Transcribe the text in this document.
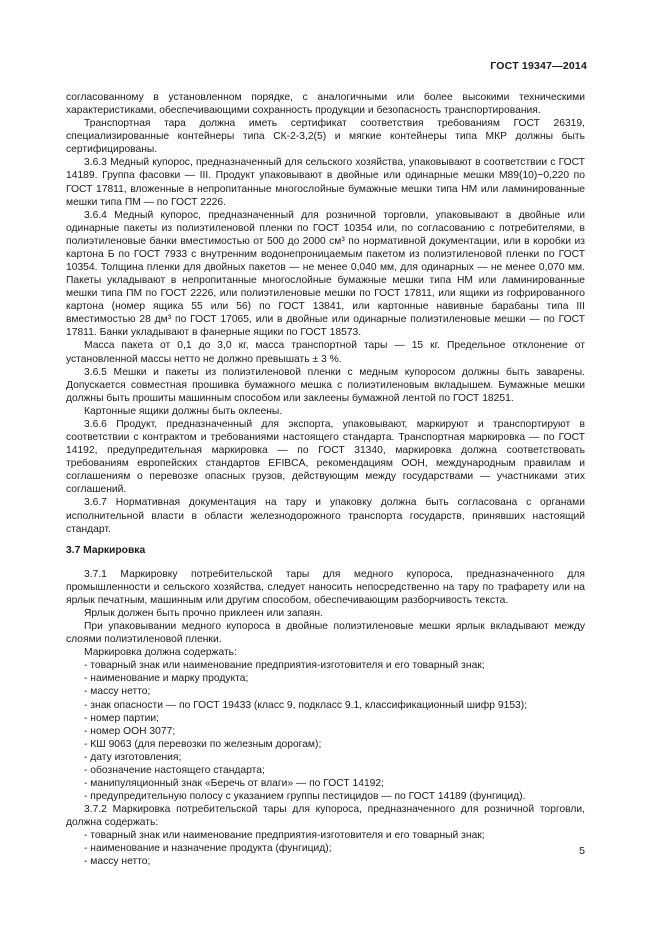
ГОСТ 19347—2014

согласованному в установленном порядке, с аналогичными или более высокими техническими характеристиками, обеспечивающими сохранность продукции и безопасность транспортирования.

Транспортная тара должна иметь сертификат соответствия требованиям ГОСТ 26319, специализированные контейнеры типа СК-2-3,2(5) и мягкие контейнеры типа МКР должны быть сертифицированы.

3.6.3 Медный купорос, предназначенный для сельского хозяйства, упаковывают в соответствии с ГОСТ 14189. Группа фасовки — III. Продукт упаковывают в двойные или одинарные мешки М89(10)−0,220 по ГОСТ 17811, вложенные в непропитанные многослойные бумажные мешки типа НМ или ламинированные мешки типа ПМ — по ГОСТ 2226.

3.6.4 Медный купорос, предназначенный для розничной торговли, упаковывают в двойные или одинарные пакеты из полиэтиленовой пленки по ГОСТ 10354 или, по согласованию с потребителями, в полиэтиленовые банки вместимостью от 500 до 2000 см³ по нормативной документации, или в коробки из картона Б по ГОСТ 7933 с внутренним водонепроницаемым пакетом из полиэтиленовой пленки по ГОСТ 10354. Толщина пленки для двойных пакетов — не менее 0,040 мм, для одинарных — не менее 0,070 мм. Пакеты укладывают в непропитанные многослойные бумажные мешки типа НМ или ламинированные мешки типа ПМ по ГОСТ 2226, или полиэтиленовые мешки по ГОСТ 17811, или ящики из гофрированного картона (номер ящика 55 или 56) по ГОСТ 13841, или картонные навивные барабаны типа III вместимостью 28 дм³ по ГОСТ 17065, или в двойные или одинарные полиэтиленовые мешки — по ГОСТ 17811. Банки укладывают в фанерные ящики по ГОСТ 18573.

Масса пакета от 0,1 до 3,0 кг, масса транспортной тары — 15 кг. Предельное отклонение от установленной массы нетто не должно превышать ± 3 %.

3.6.5 Мешки и пакеты из полиэтиленовой пленки с медным купоросом должны быть заварены. Допускается совместная прошивка бумажного мешка с полиэтиленовым вкладышем. Бумажные мешки должны быть прошиты машинным способом или заклеены бумажной лентой по ГОСТ 18251.

Картонные ящики должны быть оклеены.

3.6.6 Продукт, предназначенный для экспорта, упаковывают, маркируют и транспортируют в соответствии с контрактом и требованиями настоящего стандарта. Транспортная маркировка — по ГОСТ 14192, предупредительная маркировка — по ГОСТ 31340, маркировка должна соответствовать требованиям европейских стандартов EFIBCA, рекомендациям ООН, международным правилам и соглашениям о перевозке опасных грузов, действующим между государствами — участниками этих соглашений.

3.6.7 Нормативная документация на тару и упаковку должна быть согласована с органами исполнительной власти в области железнодорожного транспорта государств, принявших настоящий стандарт.

3.7 Маркировка

3.7.1 Маркировку потребительской тары для медного купороса, предназначенного для промышленности и сельского хозяйства, следует наносить непосредственно на тару по трафарету или на ярлык печатным, машинным или другим способом, обеспечивающим разборчивость текста.

Ярлык должен быть прочно приклеен или запаян.

При упаковывании медного купороса в двойные полиэтиленовые мешки ярлык вкладывают между слоями полиэтиленовой пленки.

Маркировка должна содержать:

- товарный знак или наименование предприятия-изготовителя и его товарный знак;

- наименование и марку продукта;

- массу нетто;

- знак опасности — по ГОСТ 19433 (класс 9, подкласс 9.1, классификационный шифр 9153);

- номер партии;

- номер ООН 3077;

- КШ 9063 (для перевозки по железным дорогам);

- дату изготовления;

- обозначение настоящего стандарта;

- манипуляционный знак «Беречь от влаги» — по ГОСТ 14192;

- предупредительную полосу с указанием группы пестицидов — по ГОСТ 14189 (фунгицид).

3.7.2 Маркировка потребительской тары для купороса, предназначенного для розничной торговли, должна содержать:

- товарный знак или наименование предприятия-изготовителя и его товарный знак;

- наименование и назначение продукта (фунгицид);

- массу нетто;

5
